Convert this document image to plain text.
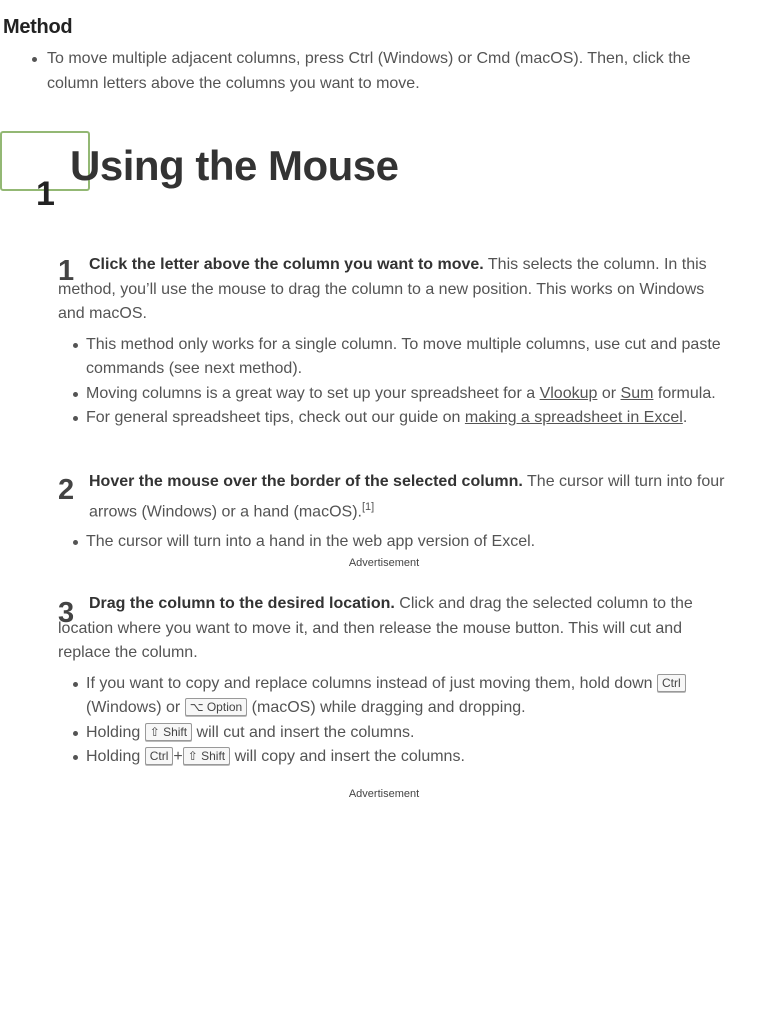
To move multiple adjacent columns, press Ctrl (Windows) or Cmd (macOS). Then, click the column letters above the columns you want to move.
Method
1
Using the Mouse
1 Click the letter above the column you want to move. This selects the column. In this method, you’ll use the mouse to drag the column to a new position. This works on Windows and macOS.

This method only works for a single column. To move multiple columns, use cut and paste commands (see next method).
Moving columns is a great way to set up your spreadsheet for a Vlookup or Sum formula.
For general spreadsheet tips, check out our guide on making a spreadsheet in Excel.
2 Hover the mouse over the border of the selected column. The cursor will turn into four arrows (Windows) or a hand (macOS).[1]

The cursor will turn into a hand in the web app version of Excel.
Advertisement
3 Drag the column to the desired location. Click and drag the selected column to the location where you want to move it, and then release the mouse button. This will cut and replace the column.

If you want to copy and replace columns instead of just moving them, hold down Ctrl (Windows) or ⌥ Option (macOS) while dragging and dropping.
Holding ⇧ Shift will cut and insert the columns.
Holding Ctrl + ⇧ Shift will copy and insert the columns.
Advertisement
